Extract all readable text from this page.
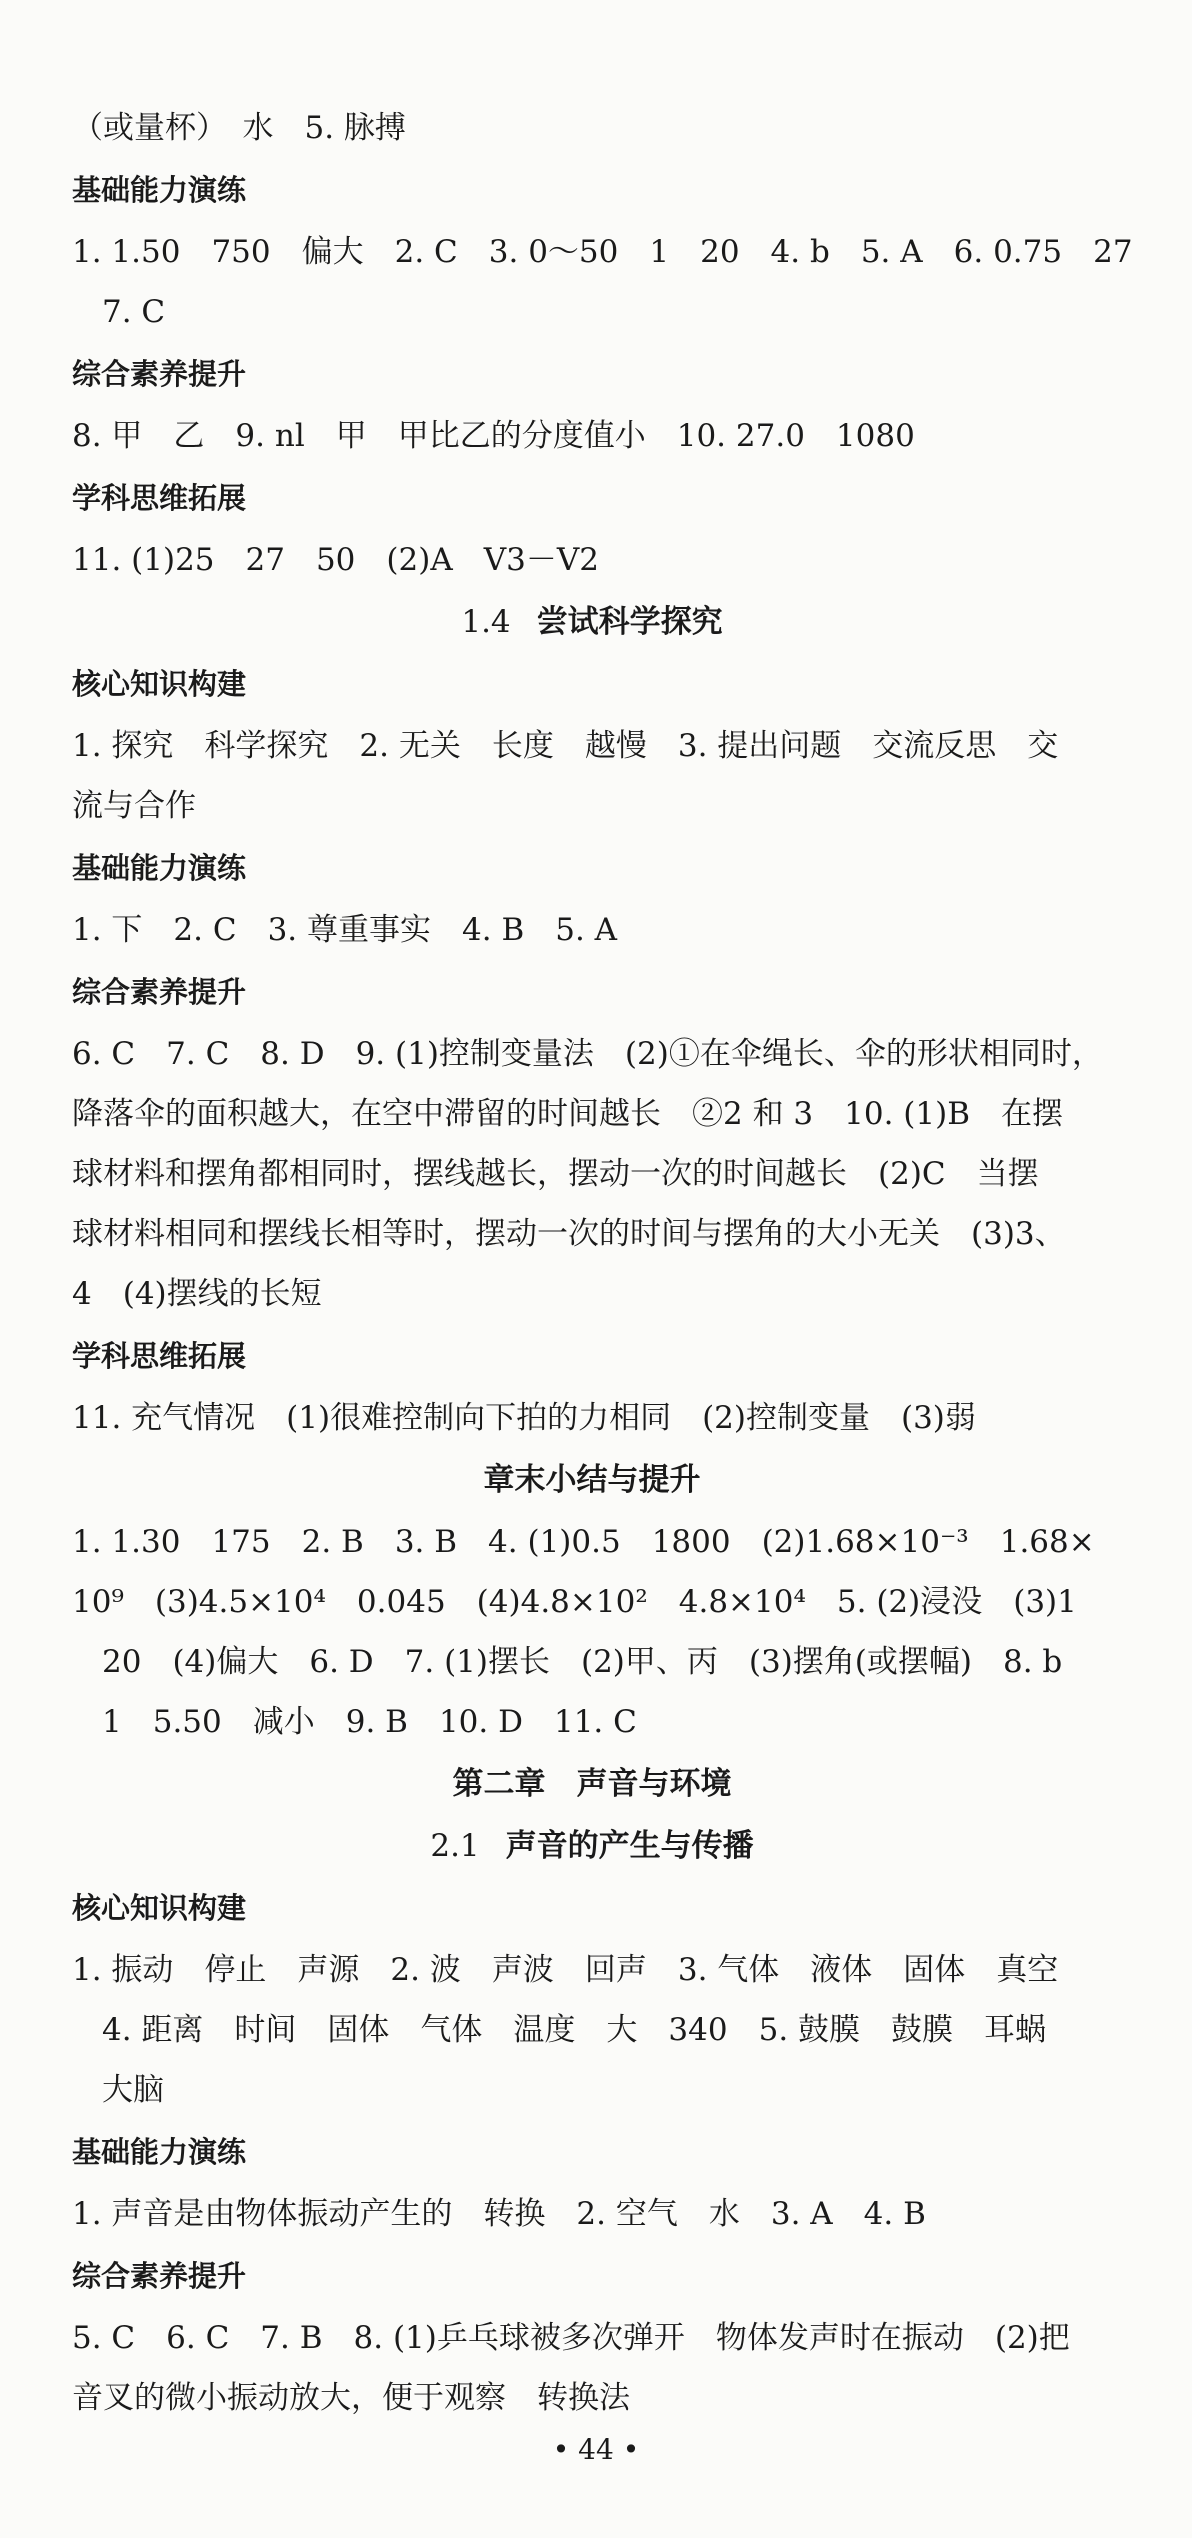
（或量杯）　水　5. 脉搏
基础能力演练
1. 1.50　750　偏大　2. C　3. 0～50　1　20　4. b　5. A　6. 0.75　27
7. C
综合素养提升
8. 甲　乙　9. nl　甲　甲比乙的分度值小　10. 27.0　1080
学科思维拓展
11. (1)25　27　50　(2)A　V3－V2
1.4 尝试科学探究
核心知识构建
1. 探究　科学探究　2. 无关　长度　越慢　3. 提出问题　交流反思　交
流与合作
基础能力演练
1. 下　2. C　3. 尊重事实　4. B　5. A
综合素养提升
6. C　7. C　8. D　9. (1)控制变量法　(2)①在伞绳长、伞的形状相同时，
降落伞的面积越大，在空中滞留的时间越长　②2 和 3　10. (1)B　在摆
球材料和摆角都相同时，摆线越长，摆动一次的时间越长　(2)C　当摆
球材料相同和摆线长相等时，摆动一次的时间与摆角的大小无关　(3)3、
4　(4)摆线的长短
学科思维拓展
11. 充气情况　(1)很难控制向下拍的力相同　(2)控制变量　(3)弱
章末小结与提升
1. 1.30　175　2. B　3. B　4. (1)0.5　1800　(2)1.68×10⁻³　1.68×
10⁹　(3)4.5×10⁴　0.045　(4)4.8×10²　4.8×10⁴　5. (2)浸没　(3)1
20　(4)偏大　6. D　7. (1)摆长　(2)甲、丙　(3)摆角(或摆幅)　8. b
1　5.50　减小　9. B　10. D　11. C
第二章　声音与环境
2.1 声音的产生与传播
核心知识构建
1. 振动　停止　声源　2. 波　声波　回声　3. 气体　液体　固体　真空
4. 距离　时间　固体　气体　温度　大　340　5. 鼓膜　鼓膜　耳蜗
大脑
基础能力演练
1. 声音是由物体振动产生的　转换　2. 空气　水　3. A　4. B
综合素养提升
5. C　6. C　7. B　8. (1)乒乓球被多次弹开　物体发声时在振动　(2)把
音叉的微小振动放大，便于观察　转换法
• 44 •
